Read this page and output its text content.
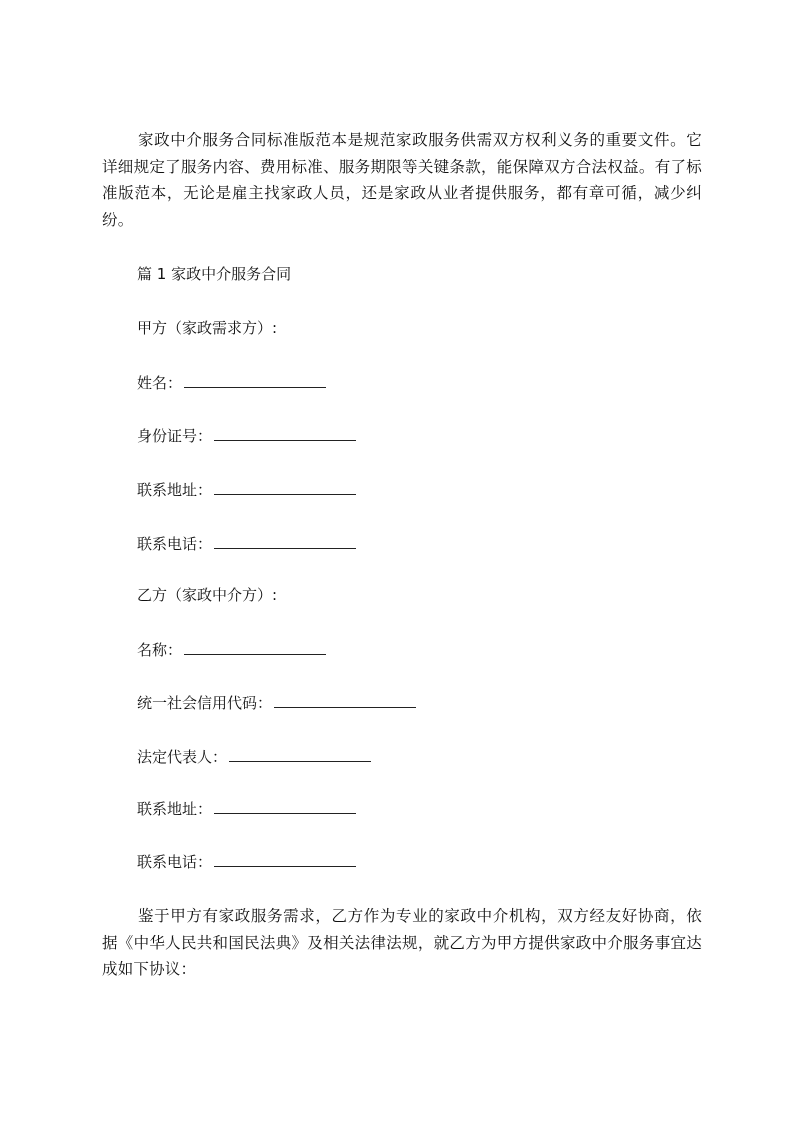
家政中介服务合同标准版范本是规范家政服务供需双方权利义务的重要文件。它详细规定了服务内容、费用标准、服务期限等关键条款，能保障双方合法权益。有了标准版范本，无论是雇主找家政人员，还是家政从业者提供服务，都有章可循，减少纠纷。

篇 1 家政中介服务合同

甲方（家政需求方）:

姓名：

身份证号：

联系地址：

联系电话：

乙方（家政中介方）:

名称：

统一社会信用代码：

法定代表人：

联系地址：

联系电话：

鉴于甲方有家政服务需求，乙方作为专业的家政中介机构，双方经友好协商，依据《中华人民共和国民法典》及相关法律法规，就乙方为甲方提供家政中介服务事宜达成如下协议：
